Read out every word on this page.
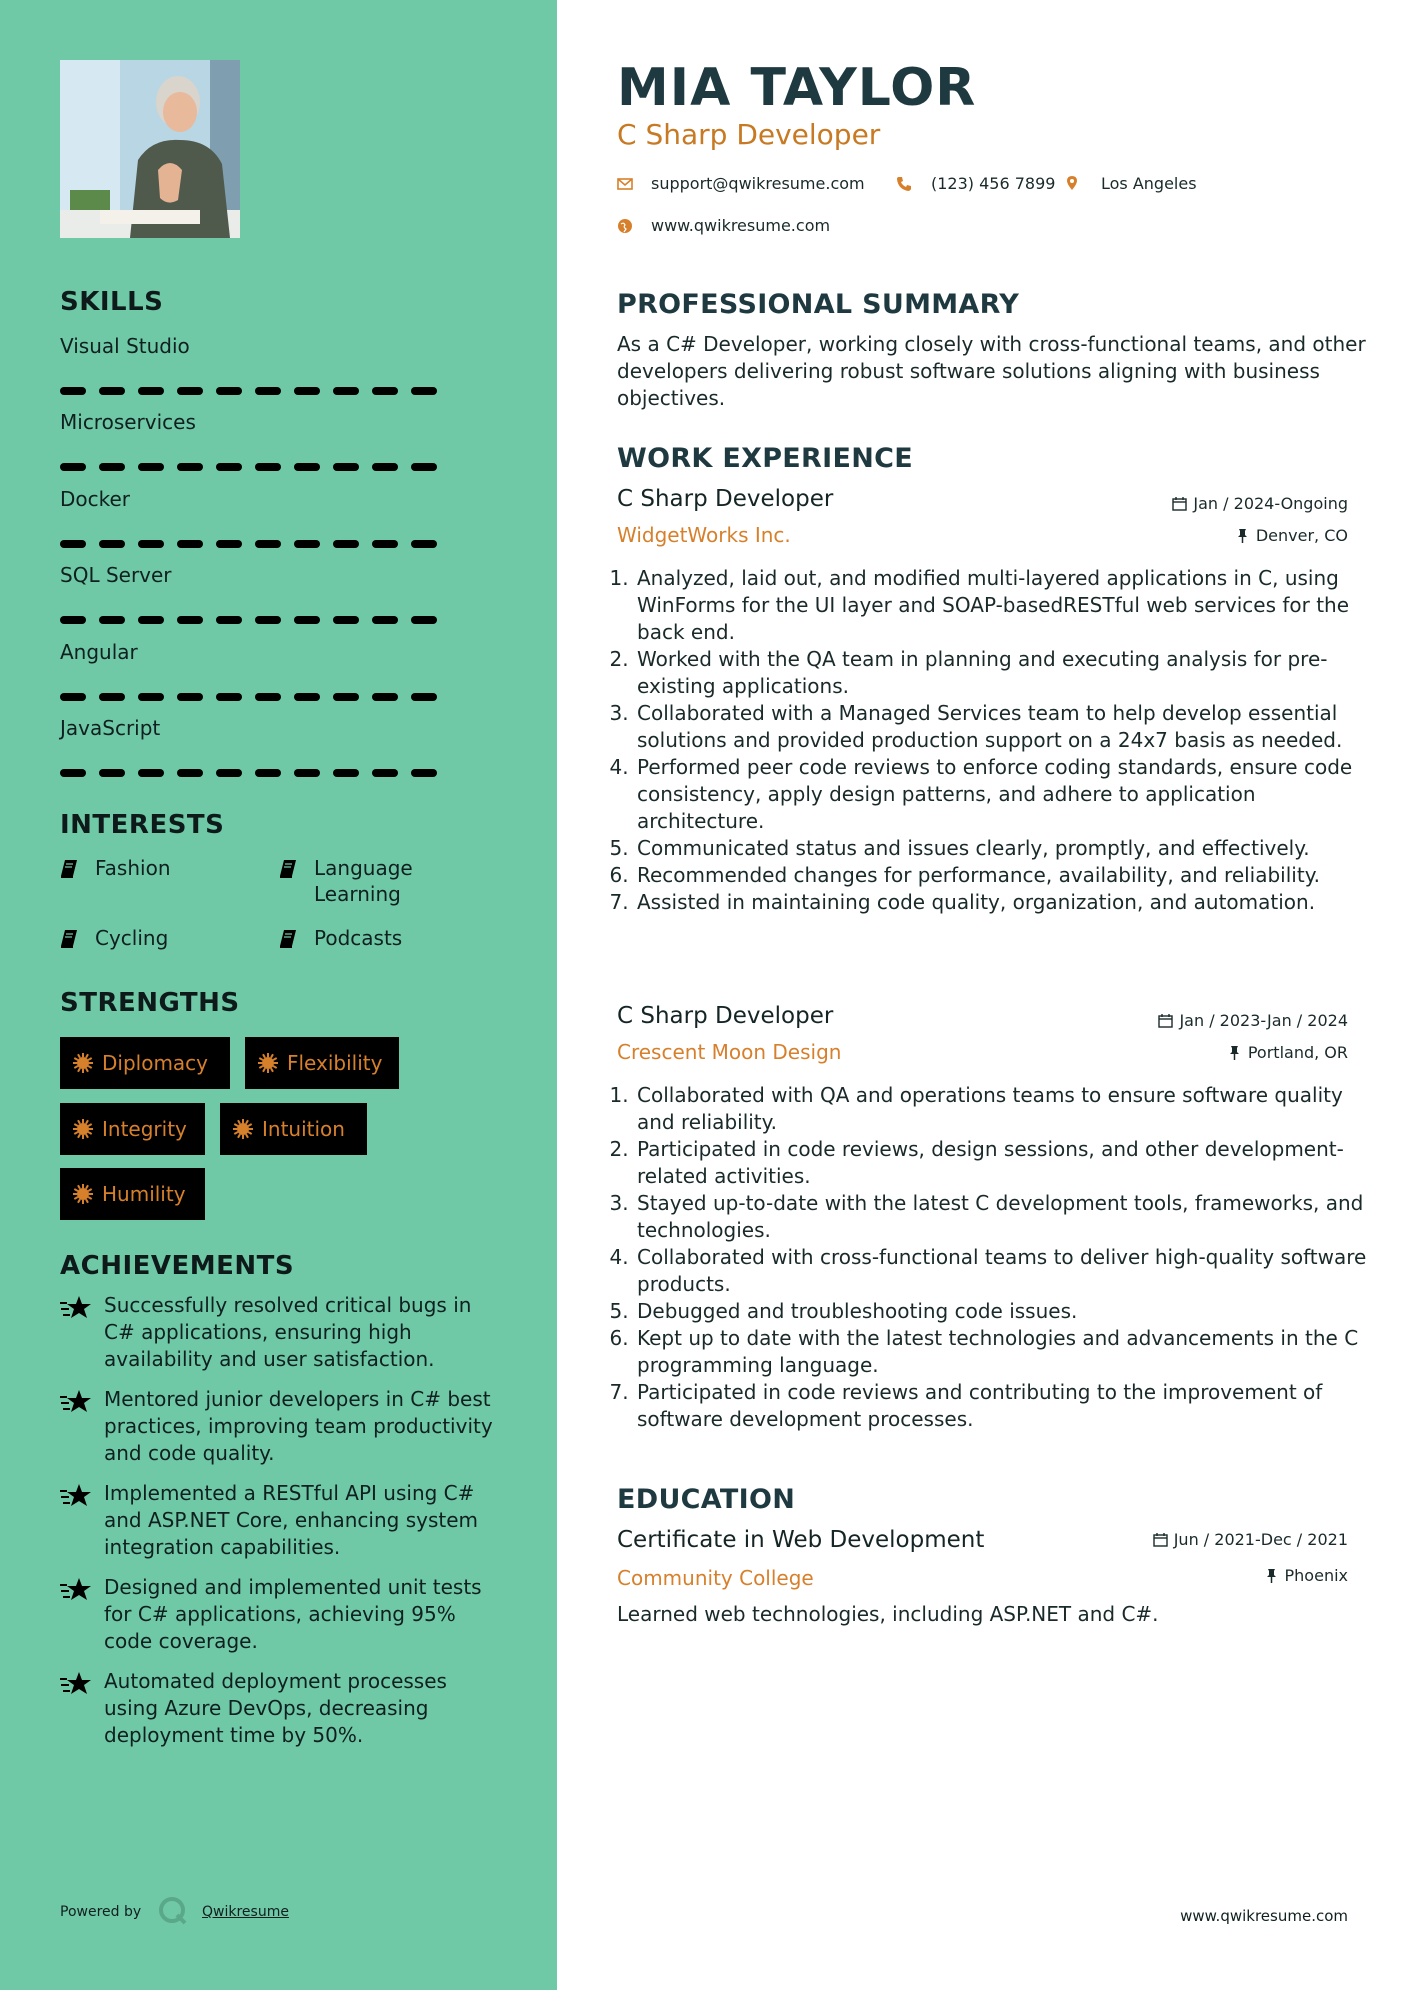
SKILLS
Visual Studio
Microservices
Docker
SQL Server
Angular
JavaScript
INTERESTS
Fashion	Language Learning
Cycling	Podcasts
STRENGTHS
Diplomacy	Flexibility
Integrity	Intuition
Humility
ACHIEVEMENTS
Successfully resolved critical bugs in C# applications, ensuring high availability and user satisfaction.
Mentored junior developers in C# best practices, improving team productivity and code quality.
Implemented a RESTful API using C# and ASP.NET Core, enhancing system integration capabilities.
Designed and implemented unit tests for C# applications, achieving 95% code coverage.
Automated deployment processes using Azure DevOps, decreasing deployment time by 50%.
Powered by	Qwikresume
MIA TAYLOR
C Sharp Developer
support@qwikresume.com	(123) 456 7899	Los Angeles
www.qwikresume.com
PROFESSIONAL SUMMARY
As a C# Developer, working closely with cross-functional teams, and other developers delivering robust software solutions aligning with business objectives.
WORK EXPERIENCE
C Sharp Developer	Jan / 2024-Ongoing
WidgetWorks Inc.	Denver, CO
1. Analyzed, laid out, and modified multi-layered applications in C, using WinForms for the UI layer and SOAP-basedRESTful web services for the back end.
2. Worked with the QA team in planning and executing analysis for pre-existing applications.
3. Collaborated with a Managed Services team to help develop essential solutions and provided production support on a 24x7 basis as needed.
4. Performed peer code reviews to enforce coding standards, ensure code consistency, apply design patterns, and adhere to application architecture.
5. Communicated status and issues clearly, promptly, and effectively.
6. Recommended changes for performance, availability, and reliability.
7. Assisted in maintaining code quality, organization, and automation.
C Sharp Developer	Jan / 2023-Jan / 2024
Crescent Moon Design	Portland, OR
1. Collaborated with QA and operations teams to ensure software quality and reliability.
2. Participated in code reviews, design sessions, and other development-related activities.
3. Stayed up-to-date with the latest C development tools, frameworks, and technologies.
4. Collaborated with cross-functional teams to deliver high-quality software products.
5. Debugged and troubleshooting code issues.
6. Kept up to date with the latest technologies and advancements in the C programming language.
7. Participated in code reviews and contributing to the improvement of software development processes.
EDUCATION
Certificate in Web Development	Jun / 2021-Dec / 2021
Community College	Phoenix
Learned web technologies, including ASP.NET and C#.
www.qwikresume.com
